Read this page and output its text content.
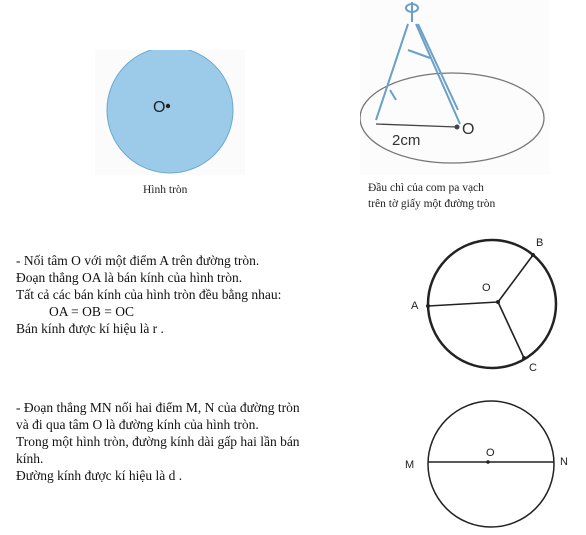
O
Hình tròn
2cm
O
Đầu chì của com pa vạch
trên tờ giấy một đường tròn
- Nối tâm O với một điểm A trên đường tròn.
Đoạn thẳng OA là bán kính của hình tròn.
Tất cả các bán kính của hình tròn đều bằng nhau:
OA = OB = OC
Bán kính được kí hiệu là r .
O
A
B
C
- Đoạn thẳng MN nối hai điểm M, N của đường tròn
và đi qua tâm O là đường kính của hình tròn.
Trong một hình tròn, đường kính dài gấp hai lần bán
kính.
Đường kính được kí hiệu là d .
O
M	N
